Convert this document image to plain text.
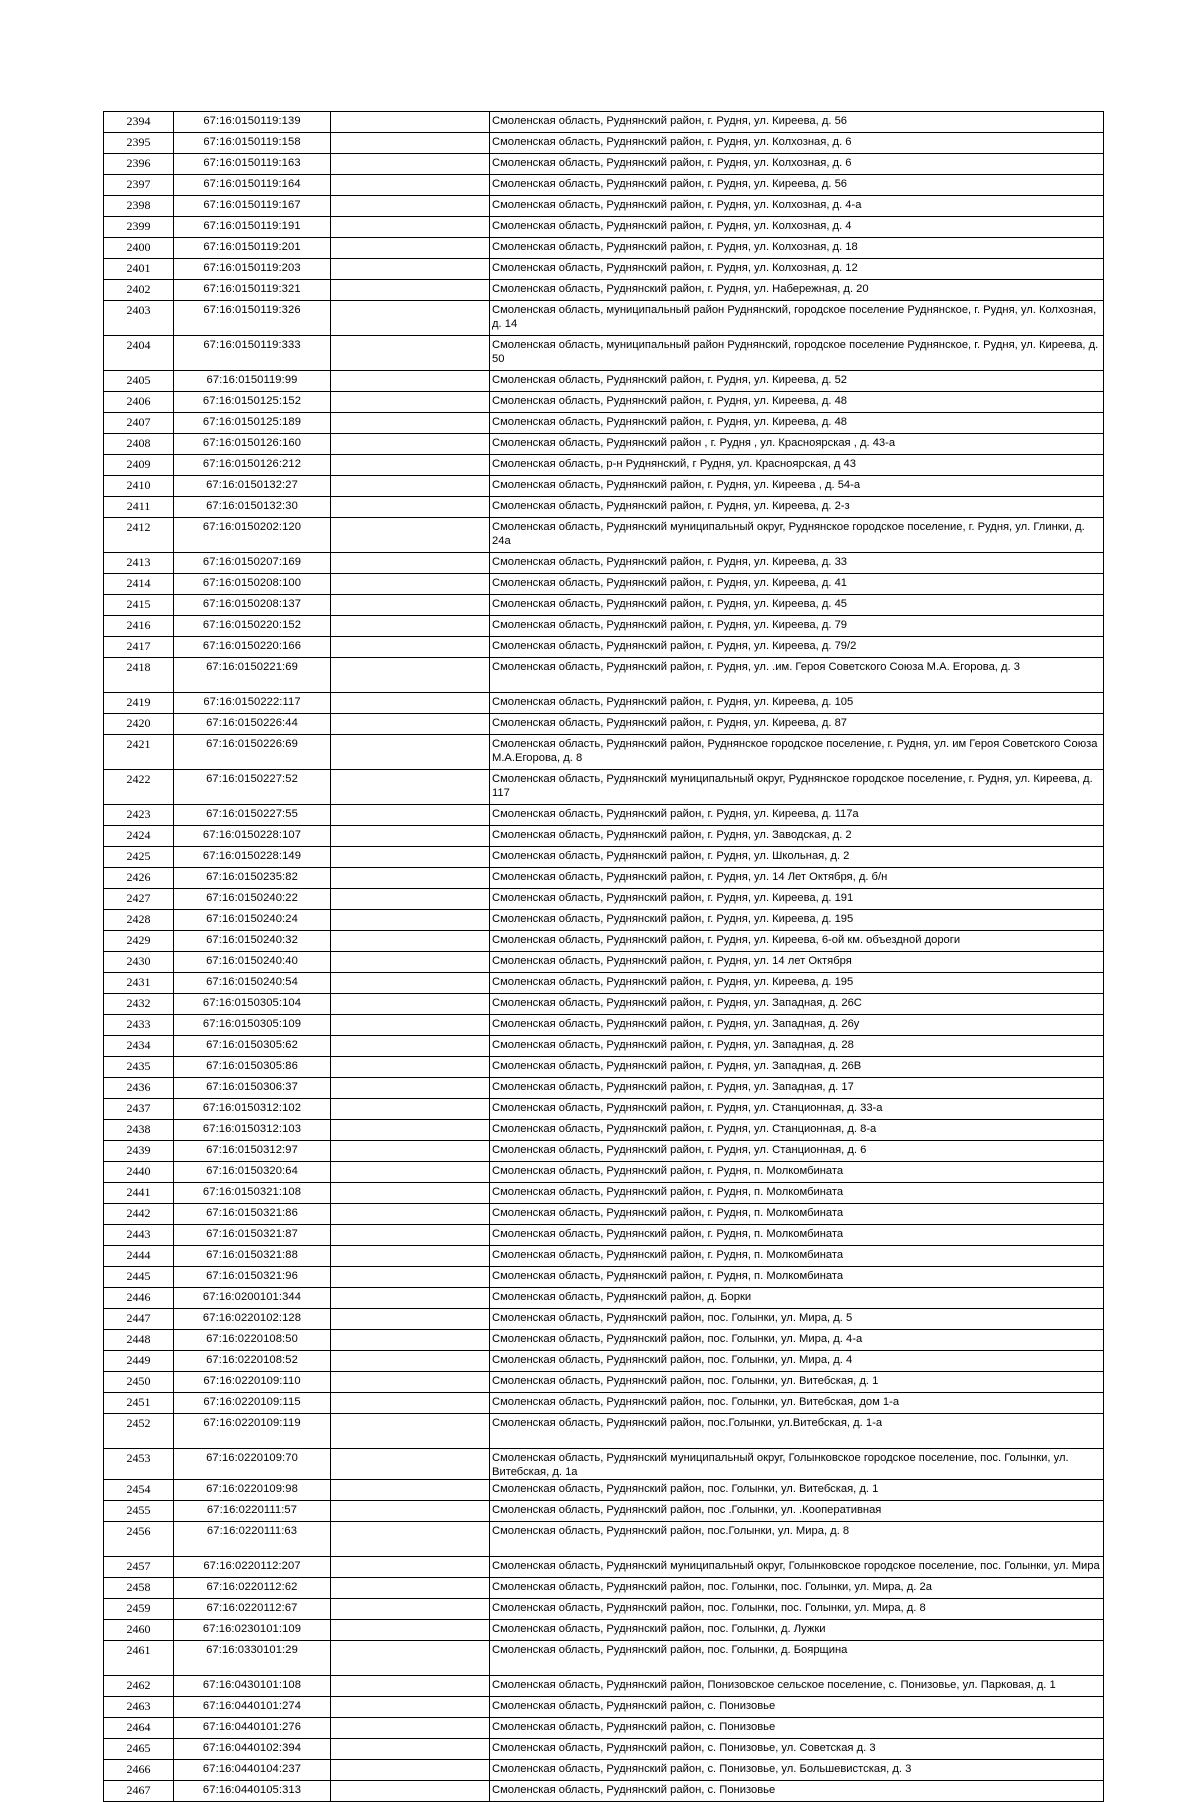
2394	67:16:0150119:139		Смоленская область, Руднянский район, г. Рудня, ул. Киреева, д. 56
2395	67:16:0150119:158		Смоленская область, Руднянский район, г. Рудня, ул. Колхозная, д. 6
2396	67:16:0150119:163		Смоленская область, Руднянский район, г. Рудня, ул. Колхозная, д. 6
2397	67:16:0150119:164		Смоленская область, Руднянский район, г. Рудня, ул. Киреева, д. 56
2398	67:16:0150119:167		Смоленская область, Руднянский район, г. Рудня, ул. Колхозная, д. 4-а
2399	67:16:0150119:191		Смоленская область, Руднянский район, г. Рудня, ул. Колхозная, д. 4
2400	67:16:0150119:201		Смоленская область, Руднянский район, г. Рудня, ул. Колхозная, д. 18
2401	67:16:0150119:203		Смоленская область, Руднянский район, г. Рудня, ул. Колхозная, д. 12
2402	67:16:0150119:321		Смоленская область, Руднянский район, г. Рудня, ул. Набережная, д. 20
2403	67:16:0150119:326		Смоленская область, муниципальный район Руднянский, городское поселение Руднянское, г. Рудня, ул. Колхозная, д. 14
2404	67:16:0150119:333		Смоленская область, муниципальный район Руднянский, городское поселение Руднянское, г. Рудня, ул. Киреева, д. 50
2405	67:16:0150119:99		Смоленская область, Руднянский район, г. Рудня, ул. Киреева, д. 52
2406	67:16:0150125:152		Смоленская область, Руднянский район, г. Рудня, ул. Киреева, д. 48
2407	67:16:0150125:189		Смоленская область, Руднянский район, г. Рудня, ул. Киреева, д. 48
2408	67:16:0150126:160		Смоленская область, Руднянский район , г. Рудня , ул. Красноярская , д. 43-а
2409	67:16:0150126:212		Смоленская область, р-н Руднянский, г Рудня, ул. Красноярская, д 43
2410	67:16:0150132:27		Смоленская область, Руднянский район, г. Рудня, ул. Киреева , д. 54-а
2411	67:16:0150132:30		Смоленская область, Руднянский район, г. Рудня, ул. Киреева, д. 2-з
2412	67:16:0150202:120		Смоленская область, Руднянский муниципальный округ, Руднянское городское поселение, г. Рудня, ул. Глинки, д. 24а
2413	67:16:0150207:169		Смоленская область, Руднянский район, г. Рудня, ул. Киреева, д. 33
2414	67:16:0150208:100		Смоленская область, Руднянский район, г. Рудня, ул. Киреева, д. 41
2415	67:16:0150208:137		Смоленская область, Руднянский район, г. Рудня, ул. Киреева, д. 45
2416	67:16:0150220:152		Смоленская область, Руднянский район, г. Рудня, ул. Киреева, д. 79
2417	67:16:0150220:166		Смоленская область, Руднянский район, г. Рудня, ул. Киреева, д. 79/2
2418	67:16:0150221:69		Смоленская область, Руднянский район, г. Рудня, ул. .им. Героя Советского Союза М.А. Егорова, д. 3
2419	67:16:0150222:117		Смоленская область, Руднянский район, г. Рудня, ул. Киреева, д. 105
2420	67:16:0150226:44		Смоленская область, Руднянский район, г. Рудня, ул. Киреева, д. 87
2421	67:16:0150226:69		Смоленская область, Руднянский район, Руднянское городское поселение, г. Рудня, ул. им Героя Советского Союза М.А.Егорова, д. 8
2422	67:16:0150227:52		Смоленская область, Руднянский муниципальный округ, Руднянское городское поселение, г. Рудня, ул. Киреева, д. 117
2423	67:16:0150227:55		Смоленская область, Руднянский район, г. Рудня, ул. Киреева, д. 117а
2424	67:16:0150228:107		Смоленская область, Руднянский район, г. Рудня, ул. Заводская, д. 2
2425	67:16:0150228:149		Смоленская область, Руднянский район, г. Рудня, ул. Школьная, д. 2
2426	67:16:0150235:82		Смоленская область, Руднянский район, г. Рудня, ул. 14 Лет Октября, д. б/н
2427	67:16:0150240:22		Смоленская область, Руднянский район, г. Рудня, ул. Киреева, д. 191
2428	67:16:0150240:24		Смоленская область, Руднянский район, г. Рудня, ул. Киреева, д. 195
2429	67:16:0150240:32		Смоленская область, Руднянский район, г. Рудня, ул. Киреева, 6-ой км. объездной дороги
2430	67:16:0150240:40		Смоленская область, Руднянский район, г. Рудня, ул. 14 лет Октября
2431	67:16:0150240:54		Смоленская область, Руднянский район, г. Рудня, ул. Киреева, д. 195
2432	67:16:0150305:104		Смоленская область, Руднянский район, г. Рудня, ул. Западная, д. 26С
2433	67:16:0150305:109		Смоленская область, Руднянский район, г. Рудня, ул. Западная, д. 26у
2434	67:16:0150305:62		Смоленская область, Руднянский район, г. Рудня, ул. Западная, д. 28
2435	67:16:0150305:86		Смоленская область, Руднянский район, г. Рудня, ул. Западная, д. 26В
2436	67:16:0150306:37		Смоленская область, Руднянский район, г. Рудня, ул. Западная, д. 17
2437	67:16:0150312:102		Смоленская область, Руднянский район, г. Рудня, ул. Станционная, д. 33-а
2438	67:16:0150312:103		Смоленская область, Руднянский район, г. Рудня, ул. Станционная, д. 8-а
2439	67:16:0150312:97		Смоленская область, Руднянский район, г. Рудня, ул. Станционная, д. 6
2440	67:16:0150320:64		Смоленская область, Руднянский район, г. Рудня, п. Молкомбината
2441	67:16:0150321:108		Смоленская область, Руднянский район, г. Рудня, п. Молкомбината
2442	67:16:0150321:86		Смоленская область, Руднянский район, г. Рудня, п. Молкомбината
2443	67:16:0150321:87		Смоленская область, Руднянский район, г. Рудня, п. Молкомбината
2444	67:16:0150321:88		Смоленская область, Руднянский район, г. Рудня, п. Молкомбината
2445	67:16:0150321:96		Смоленская область, Руднянский район, г. Рудня, п. Молкомбината
2446	67:16:0200101:344		Смоленская область, Руднянский район, д. Борки
2447	67:16:0220102:128		Смоленская область, Руднянский район, пос. Голынки, ул. Мира, д. 5
2448	67:16:0220108:50		Смоленская область, Руднянский район, пос. Голынки, ул. Мира, д. 4-а
2449	67:16:0220108:52		Смоленская область, Руднянский район, пос. Голынки, ул. Мира, д. 4
2450	67:16:0220109:110		Смоленская область, Руднянский район, пос. Голынки, ул. Витебская, д. 1
2451	67:16:0220109:115		Смоленская область, Руднянский район, пос. Голынки, ул. Витебская, дом 1-а
2452	67:16:0220109:119		Смоленская область, Руднянский район, пос.Голынки, ул.Витебская, д. 1-а
2453	67:16:0220109:70		Смоленская область, Руднянский муниципальный округ, Голынковское городское поселение, пос. Голынки, ул. Витебская, д. 1а
2454	67:16:0220109:98		Смоленская область, Руднянский район, пос. Голынки, ул. Витебская, д. 1
2455	67:16:0220111:57		Смоленская область, Руднянский район, пос .Голынки, ул. .Кооперативная
2456	67:16:0220111:63		Смоленская область, Руднянский район, пос.Голынки, ул. Мира, д. 8
2457	67:16:0220112:207		Смоленская область, Руднянский муниципальный округ, Голынковское городское поселение, пос. Голынки, ул. Мира
2458	67:16:0220112:62		Смоленская область, Руднянский район, пос. Голынки, пос. Голынки, ул. Мира, д. 2а
2459	67:16:0220112:67		Смоленская область, Руднянский район, пос. Голынки, пос. Голынки, ул. Мира, д. 8
2460	67:16:0230101:109		Смоленская область, Руднянский район, пос. Голынки, д. Лужки
2461	67:16:0330101:29		Смоленская область, Руднянский район, пос. Голынки, д. Боярщина
2462	67:16:0430101:108		Смоленская область, Руднянский район, Понизовское сельское поселение, с. Понизовье, ул. Парковая, д. 1
2463	67:16:0440101:274		Смоленская область, Руднянский район, с. Понизовье
2464	67:16:0440101:276		Смоленская область, Руднянский район, с. Понизовье
2465	67:16:0440102:394		Смоленская область, Руднянский район, с. Понизовье, ул. Советская д. 3
2466	67:16:0440104:237		Смоленская область, Руднянский район, с. Понизовье, ул. Большевистская, д. 3
2467	67:16:0440105:313		Смоленская область, Руднянский район, с. Понизовье
